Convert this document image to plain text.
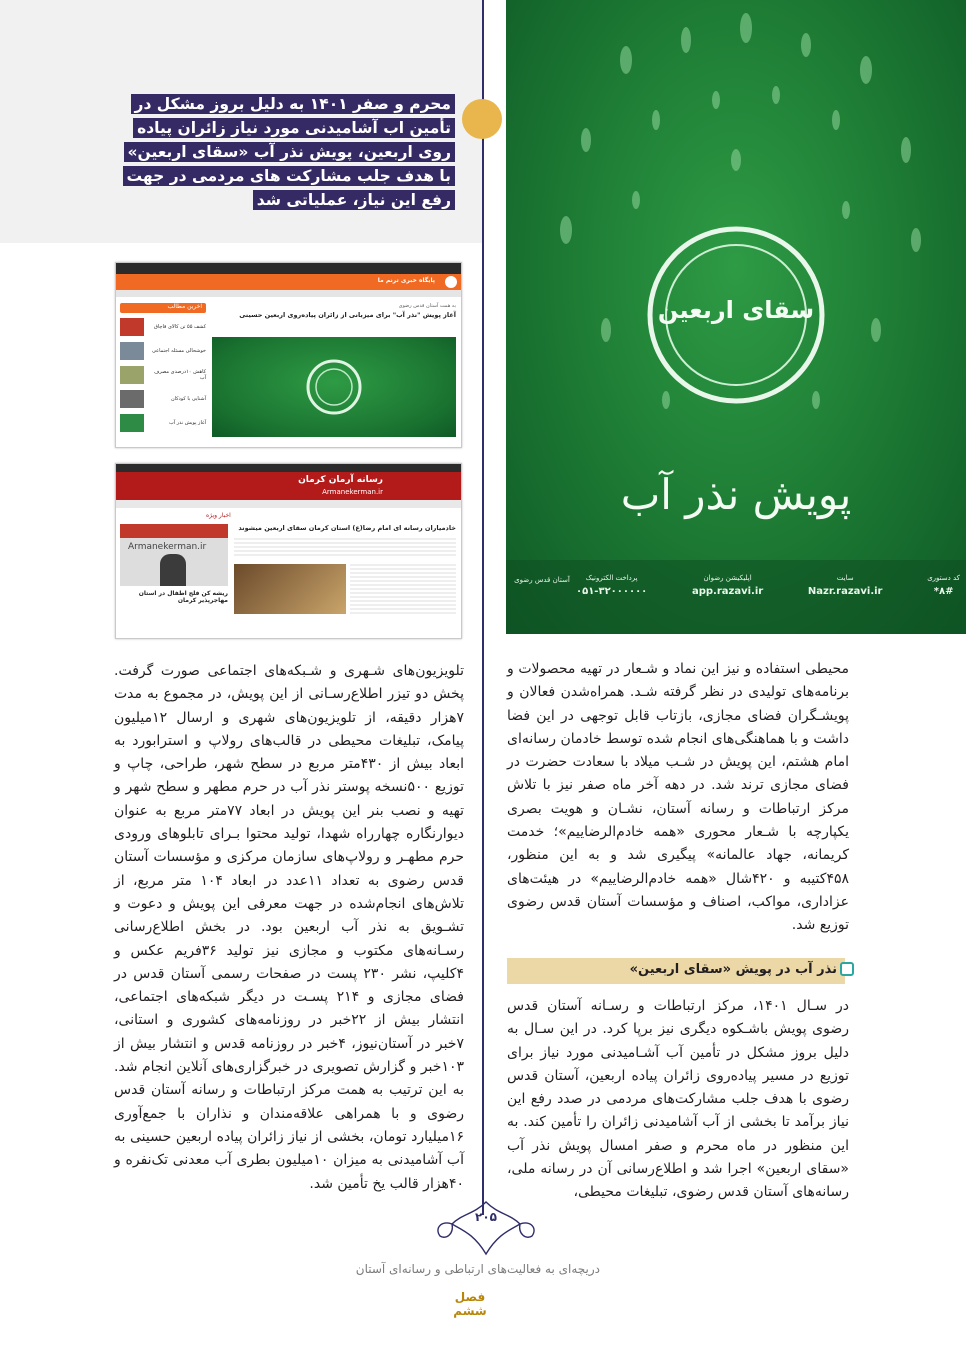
محرم و صفر ۱۴۰۱ به دلیل بروز مشکل در تأمین اب آشامیدنی مورد نیاز زائران پیاده روی اربعین، پویش نذر آب «سقای اربعین» با هدف جلب مشارکت های مردمی در جهت رفع این نیاز، عملیاتی شد
پایگاه خبری ترنم ما
آخرین مطالب
کشف ۵۵ تن کالای قاچاق
خوشحالی مسئله اجتماعی
کاهش ۱۰درصدی مصرف آب
آشنایی با کودکان
آغاز پویش نذر آب
به همت آستان قدس رضوی
آغاز پویش "نذر آب" برای میزبانی از زائران پیاده‌روی اربعین حسینی
رسانه آرمان کرمان
Armanekerman.ir
Armanekerman.ir
ریشه کن فلج اطفال در استان مهاجرپذیر کرمان
اخبار ویژه
خادمیاران رسانه ای امام رضا(ع) استان کرمان سقای اربعین میشوند
سقای اربعین
پویش نذر آب
آستان قدس رضوی	کد دستوری
*۸#
سایت
Nazr.razavi.ir
اپلیکیشن رضوان
app.razavi.ir
پرداخت الکترونیک
۰۵۱-۳۲۰۰۰۰۰۰
محیطی استفاده و نیز این نماد و شـعار در تهیه محصولات و برنامه‌های تولیدی در نظر گرفته شـد. همراه‌شدن فعالان و پویشـگران فضای مجازی، بازتاب قابل توجهی در این فضا داشت و با هماهنگی‌های انجام شده توسط خادمان رسانه‌ای امام هشتم، این پویش در شـب میلاد با سعادت حضرت در فضای مجازی ترند شد. در دهه آخر ماه صفر نیز با تلاش مرکز ارتباطات و رسانه آستان، نشـان و هویت بصری یکپارچه با شـعار محوری «همه خادم‌الرضاییم»؛ خدمت کریمانه، جهاد عالمانه» پیگیری شد و به این منظور، ۴۵۸کتیبه و ۴۲۰شال «همه خادم‌الرضاییم» در هیئت‌های عزاداری، مواکب، اصناف و مؤسسات آستان قدس رضوی توزیع شد.
نذر آب در پویش «سقای اربعین»
در سـال ۱۴۰۱، مرکز ارتباطات و رسـانه آستان قدس رضوی پویش باشـکوه دیگری نیز برپا کرد. در این سـال به دلیل بروز مشکل در تأمین آب آشـامیدنی مورد نیاز برای توزیع در مسیر پیاده‌روی زائران پیاده اربعین، آستان قدس رضوی با هدف جلب مشارکت‌های مردمی در صدد رفع این نیاز برآمد تا بخشی از آب آشامیدنی زائران را تأمین کند. به این منظور در ماه محرم و صفر امسال پویش نذر آب «سقای اربعین» اجرا شد و اطلاع‌رسانی آن در رسانه ملی، رسانه‌های آستان قدس رضوی، تبلیغات محیطی،
تلویزیون‌های شـهری و شـبکه‌های اجتماعی صورت گرفت. پخش دو تیزر اطلاع‌رسـانی از این پویش، در مجموع به مدت ۷هزار دقیقه، از تلویزیون‌های شهری و ارسال ۱۲میلیون پیامک، تبلیغات محیطی در قالب‌های رولاپ و استرابورد به ابعاد بیش از ۴۳۰متر مربع در سطح شهر، طراحی، چاپ و توزیع ۵۰۰نسخه پوستر نذر آب در حرم مطهر و سطح شهر و تهیه و نصب بنر این پویش در ابعاد ۷۷متر مربع به عنوان دیوارنگاره چهارراه شهدا، تولید محتوا بـرای تابلوهای ورودی حرم مطهـر و رولاپ‌های سازمان مرکزی و مؤسسات آستان قدس رضوی به تعداد ۱۱عدد در ابعاد ۱۰۴ متر مربع، از تلاش‌های انجام‌شده در جهت معرفی این پویش و دعوت و تشـویق به نذر آب اربعین بود. در بخش اطلاع‌رسانی رسـانه‌های مکتوب و مجازی نیز تولید ۳۶فریم عکس و ۴کلیپ، نشر ۲۳۰ پست در صفحات رسمی آستان قدس در فضای مجازی و ۲۱۴ پسـت در دیگر شبکه‌های اجتماعی، انتشار بیش از ۲۲خبر در روزنامه‌های کشوری و استانی، ۷خبر در آستان‌نیوز، ۴خبر در روزنامه قدس و انتشار بیش از ۱۰۳خبر و گزارش تصویری در خبرگزاری‌های آنلاین انجام شد. به این ترتیب به همت مرکز ارتباطات و رسانه آستان قدس رضوی و با همراهی علاقه‌مندان و نذاران با جمع‌آوری ۱۶میلیارد تومان، بخشی از نیاز زائران پیاده اربعین حسینی به آب آشامیدنی به میزان ۱۰میلیون بطری آب معدنی تک‌نفره و ۴۰هزار قالب یخ تأمین شد.
۲۰۵
دریچه‌ای به فعالیت‌های ارتباطی و رسانه‌ای آستان
فصل ششم
